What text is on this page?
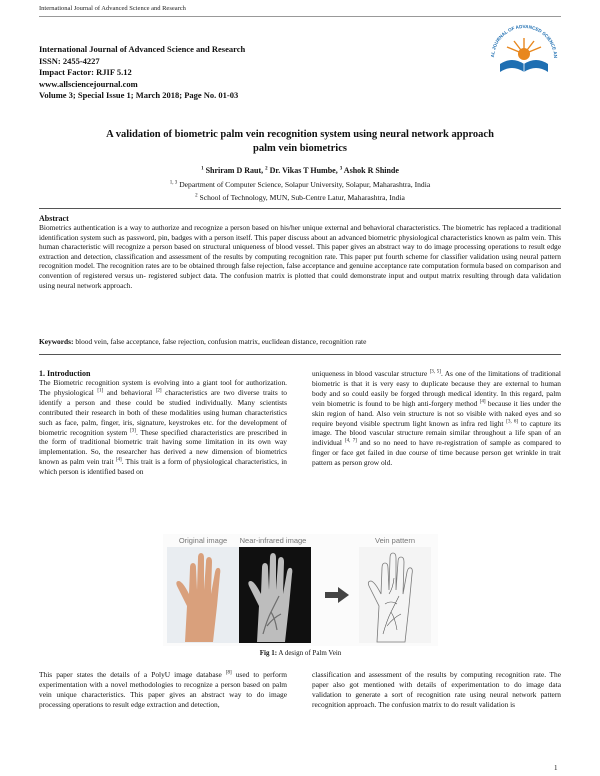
International Journal of Advanced Science and Research
International Journal of Advanced Science and Research
ISSN: 2455-4227
Impact Factor: RJIF 5.12
www.allsciencejournal.com
Volume 3; Special Issue 1; March 2018; Page No. 01-03
AL JOURNAL OF ADVANCED SCIENCE AN
A validation of biometric palm vein recognition system using neural network approach
palm vein biometrics
$^1$ Shriram D Raut, $^2$ Dr. Vikas T Humbe, $^3$ Ashok R Shinde
$^{1, 3}$ Department of Computer Science, Solapur University, Solapur, Maharashtra, India
$^2$ School of Technology, MUN, Sub-Centre Latur, Maharashtra, India
Abstract
Biometrics authentication is a way to authorize and recognize a person based on his/her unique external and behavioral characteristics. The biometric has replaced a traditional identification system such as password, pin, badges with a person itself. This paper discuss about an advanced biometric physiological characteristics known as palm vein. This human characteristic will recognize a person based on structural uniqueness of blood vessel. This paper gives an abstract way to do image processing operations to result edge extraction and detection, classification and assessment of the results by computing recognition rate. This paper put fourth scheme for classifier validation using neural pattern recognition model. The recognition rates are to be obtained through false rejection, false acceptance and genuine acceptance rate computation formula based on comparison and convention of registered versus un- registered subject data. The confusion matrix is plotted that could demonstrate input and output matrix resulting through data validation using neural network approach.
Keywords: blood vein, false acceptance, false rejection, confusion matrix, euclidean distance, recognition rate
1. Introduction
The Biometric recognition system is evolving into a giant tool for authorization. The physiological [1] and behavioral [2] characteristics are two diverse traits to identify a person and these could be studied individually. Many scientists contributed their research in both of these modalities using human characteristics such as face, palm, finger, iris, signature, keystrokes etc. for the development of biometric recognition system [3]. These specified characteristics are prescribed in the form of traditional biometric trait having some limitation in its own way implementation. So, the researcher has derived a new dimension of biometrics known as palm vein trait [4]. This trait is a form of physiological characteristics, in which person is identified based on
uniqueness in blood vascular structure [3, 5]. As one of the limitations of traditional biometric is that it is very easy to duplicate because they are external to human body and so could easily be forged through medical identity. In this regard, palm vein biometric is found to be high anti-forgery method [4] because it lies under the skin region of hand. Also vein structure is not so visible with naked eyes and so require beyond visible spectrum light known as infra red light [3, 6] to capture its image. The blood vascular structure remain similar throughout a life span of an individual [4, 7] and so no need to have re-registration of sample as compared to finger or face get failed in due course of time because person get wrinkle in trait pattern as person grow old.
Original image Near-infrared image	Vein pattern
Fig 1: A design of Palm Vein
This paper states the details of a PolyU image database [8] used to perform experimentation with a novel methodologies to recognize a person based on palm vein unique characteristics. This paper gives an abstract way to do image processing operations to result edge extraction and detection,
classification and assessment of the results by computing recognition rate. The paper also got mentioned with details of experimentation to do image data validation to generate a sort of recognition rate using neural network pattern recognition approach. The confusion matrix to do result validation is
1
